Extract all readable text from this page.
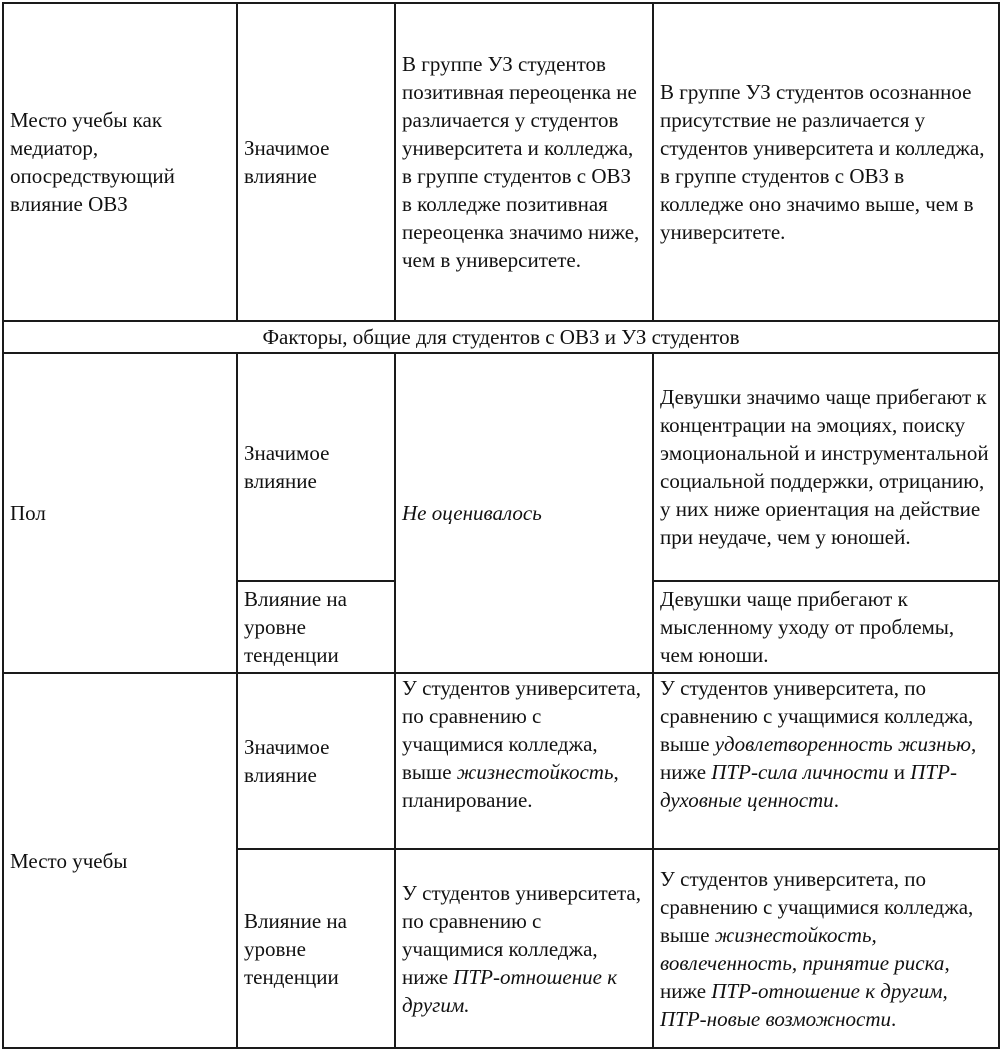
Место учебы как медиатор, опосредствующий влияние ОВЗ	Значимое влияние	В группе УЗ студентов позитивная переоценка не различается у студентов университета и колледжа, в группе студентов с ОВЗ в колледже позитивная переоценка значимо ниже, чем в университете.	В группе УЗ студентов осознанное присутствие не различается у студентов университета и колледжа, в группе студентов с ОВЗ в колледже оно значимо выше, чем в университете.
Факторы, общие для студентов с ОВЗ и УЗ студентов			
Пол	Значимое влияние	Не оценивалось	Девушки значимо чаще прибегают к концентрации на эмоциях, поиску эмоциональной и инструментальной социальной поддержки, отрицанию, у них ниже ориентация на действие при неудаче, чем у юношей.
	Влияние на уровне тенденции		Девушки чаще прибегают к мысленному уходу от проблемы, чем юноши.
Место учебы	Значимое влияние	У студентов университета, по сравнению с учащимися колледжа, выше жизнестойкость, планирование.	У студентов университета, по сравнению с учащимися колледжа, выше удовлетворенность жизнью, ниже ПТР-сила личности и ПТР-духовные ценности.
	Влияние на уровне тенденции	У студентов университета, по сравнению с учащимися колледжа, ниже ПТР-отношение к другим.	У студентов университета, по сравнению с учащимися колледжа, выше жизнестойкость, вовлеченность, принятие риска, ниже ПТР-отношение к другим, ПТР-новые возможности.
